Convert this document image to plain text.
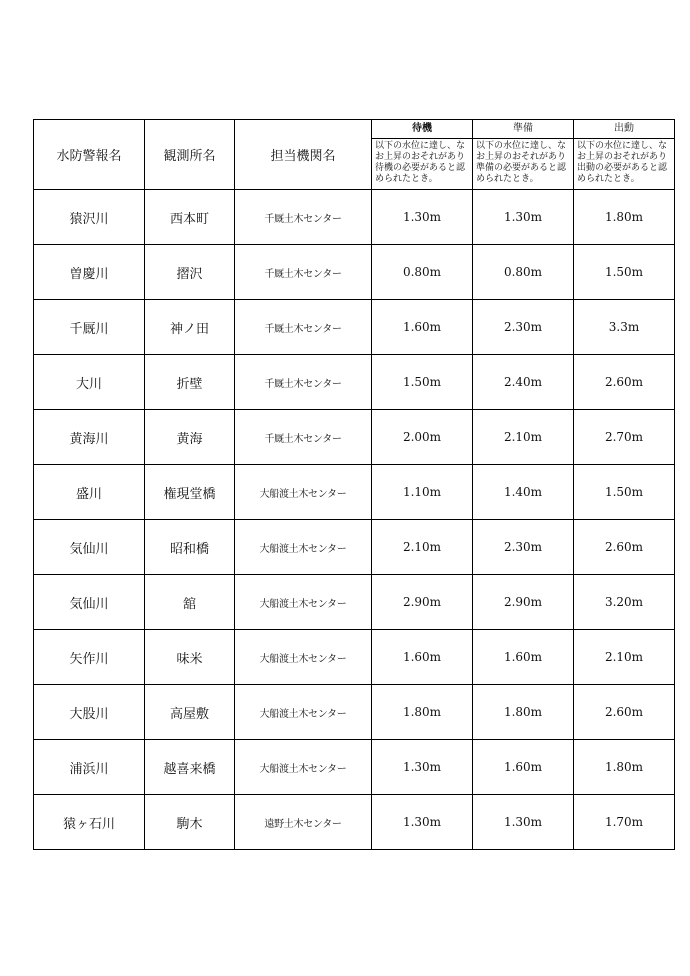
水防警報名	観測所名	担当機関名	待機	準備	出動
			以下の水位に達し、なお上昇のおそれがあり待機の必要があると認められたとき。	以下の水位に達し、なお上昇のおそれがあり準備の必要があると認められたとき。	以下の水位に達し、なお上昇のおそれがあり出動の必要があると認められたとき。
猿沢川	西本町	千厩土木センター	1.30m	1.30m	1.80m
曽慶川	摺沢	千厩土木センター	0.80m	0.80m	1.50m
千厩川	神ノ田	千厩土木センター	1.60m	2.30m	3.3m
大川	折壁	千厩土木センター	1.50m	2.40m	2.60m
黄海川	黄海	千厩土木センター	2.00m	2.10m	2.70m
盛川	権現堂橋	大船渡土木センター	1.10m	1.40m	1.50m
気仙川	昭和橋	大船渡土木センター	2.10m	2.30m	2.60m
気仙川	舘	大船渡土木センター	2.90m	2.90m	3.20m
矢作川	味米	大船渡土木センター	1.60m	1.60m	2.10m
大股川	高屋敷	大船渡土木センター	1.80m	1.80m	2.60m
浦浜川	越喜来橋	大船渡土木センター	1.30m	1.60m	1.80m
猿ヶ石川	駒木	遠野土木センター	1.30m	1.30m	1.70m
